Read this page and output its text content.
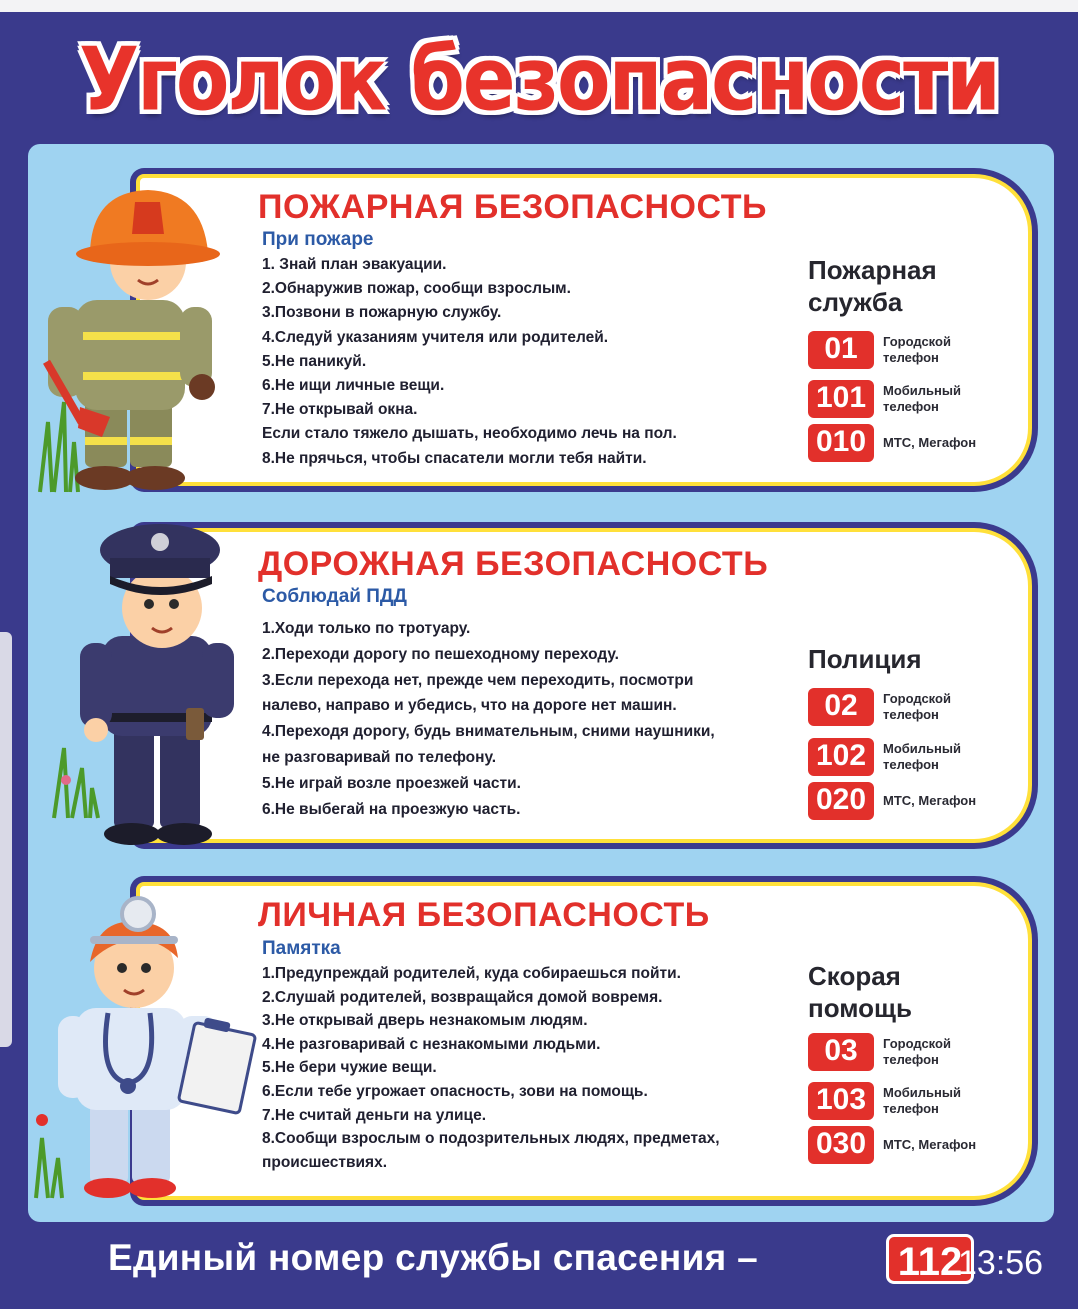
Уголок безопасности
ПОЖАРНАЯ БЕЗОПАСНОСТЬ
При пожаре
1. Знай план эвакуации.
2.Обнаружив пожар, сообщи взрослым.
3.Позвони в пожарную службу.
4.Следуй указаниям учителя или родителей.
5.Не паникуй.
6.Не ищи личные вещи.
7.Не открывай окна.
Если стало тяжело дышать, необходимо лечь на пол.
8.Не прячься, чтобы спасатели могли тебя найти.
Пожарная
служба
01	Городской
телефон
101	Мобильный
телефон
010	МТС, Мегафон
ДОРОЖНАЯ БЕЗОПАСНОСТЬ
Соблюдай ПДД
1.Ходи только по тротуару.
2.Переходи дорогу по пешеходному переходу.
3.Если перехода нет, прежде чем переходить, посмотри
налево, направо и убедись, что на дороге нет машин.
4.Переходя дорогу, будь внимательным, сними наушники,
не разговаривай по телефону.
5.Не играй возле проезжей части.
6.Не выбегай на проезжую часть.
Полиция
02	Городской
телефон
102	Мобильный
телефон
020	МТС, Мегафон
ЛИЧНАЯ БЕЗОПАСНОСТЬ
Памятка
1.Предупреждай родителей, куда собираешься пойти.
2.Слушай родителей, возвращайся домой вовремя.
3.Не открывай дверь незнакомым людям.
4.Не разговаривай с незнакомыми людьми.
5.Не бери чужие вещи.
6.Если тебе угрожает опасность, зови на помощь.
7.Не считай деньги на улице.
8.Сообщи взрослым о подозрительных людях, предметах,
происшествиях.
Скорая
помощь
03	Городской
телефон
103	Мобильный
телефон
030	МТС, Мегафон
Единый номер службы спасения –	112
13:56
